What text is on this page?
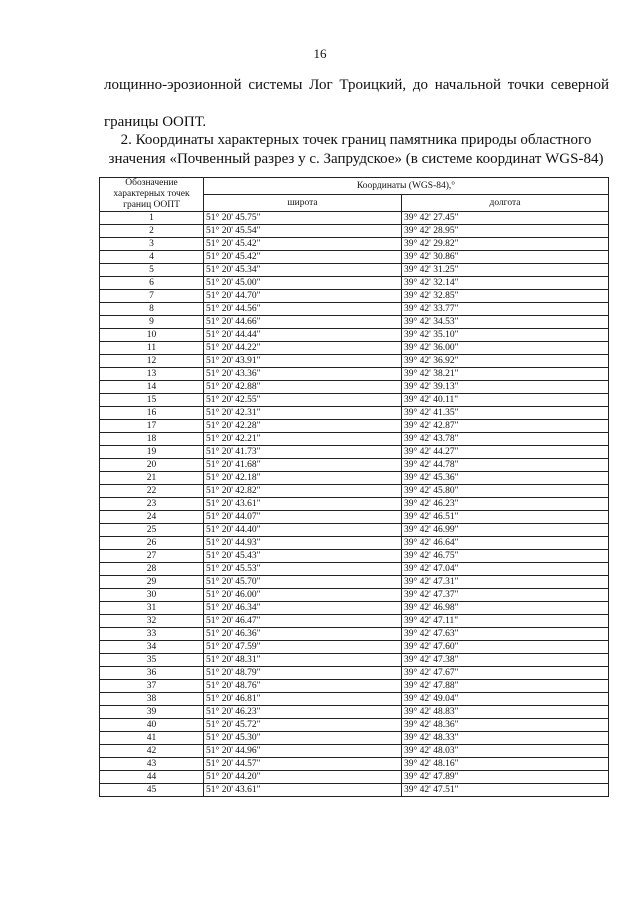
16
лощинно-эрозионной системы Лог Троицкий, до начальной точки северной
границы ООПТ.
2. Координаты характерных точек границ памятника природы областного
значения «Почвенный разрез у с. Запрудское» (в системе координат WGS-84)
Обозначение характерных точек границ ООПТ	Координаты (WGS-84),°	
	широта	долгота
1	51° 20' 45.75"	39° 42' 27.45"
2	51° 20' 45.54"	39° 42' 28.95"
3	51° 20' 45.42"	39° 42' 29.82"
4	51° 20' 45.42"	39° 42' 30.86"
5	51° 20' 45.34"	39° 42' 31.25"
6	51° 20' 45.00"	39° 42' 32.14"
7	51° 20' 44.70"	39° 42' 32.85"
8	51° 20' 44.56"	39° 42' 33.77"
9	51° 20' 44.66"	39° 42' 34.53"
10	51° 20' 44.44"	39° 42' 35.10"
11	51° 20' 44.22"	39° 42' 36.00"
12	51° 20' 43.91"	39° 42' 36.92"
13	51° 20' 43.36"	39° 42' 38.21"
14	51° 20' 42.88"	39° 42' 39.13"
15	51° 20' 42.55"	39° 42' 40.11"
16	51° 20' 42.31"	39° 42' 41.35"
17	51° 20' 42.28"	39° 42' 42.87"
18	51° 20' 42.21"	39° 42' 43.78"
19	51° 20' 41.73"	39° 42' 44.27"
20	51° 20' 41.68"	39° 42' 44.78"
21	51° 20' 42.18"	39° 42' 45.36"
22	51° 20' 42.82"	39° 42' 45.80"
23	51° 20' 43.61"	39° 42' 46.23"
24	51° 20' 44.07"	39° 42' 46.51"
25	51° 20' 44.40"	39° 42' 46.99"
26	51° 20' 44.93"	39° 42' 46.64"
27	51° 20' 45.43"	39° 42' 46.75"
28	51° 20' 45.53"	39° 42' 47.04"
29	51° 20' 45.70"	39° 42' 47.31"
30	51° 20' 46.00"	39° 42' 47.37"
31	51° 20' 46.34"	39° 42' 46.98"
32	51° 20' 46.47"	39° 42' 47.11"
33	51° 20' 46.36"	39° 42' 47.63"
34	51° 20' 47.59"	39° 42' 47.60"
35	51° 20' 48.31"	39° 42' 47.38"
36	51° 20' 48.79"	39° 42' 47.67"
37	51° 20' 48.76"	39° 42' 47.88"
38	51° 20' 46.81"	39° 42' 49.04"
39	51° 20' 46.23"	39° 42' 48.83"
40	51° 20' 45.72"	39° 42' 48.36"
41	51° 20' 45.30"	39° 42' 48.33"
42	51° 20' 44.96"	39° 42' 48.03"
43	51° 20' 44.57"	39° 42' 48.16"
44	51° 20' 44.20"	39° 42' 47.89"
45	51° 20' 43.61"	39° 42' 47.51"
